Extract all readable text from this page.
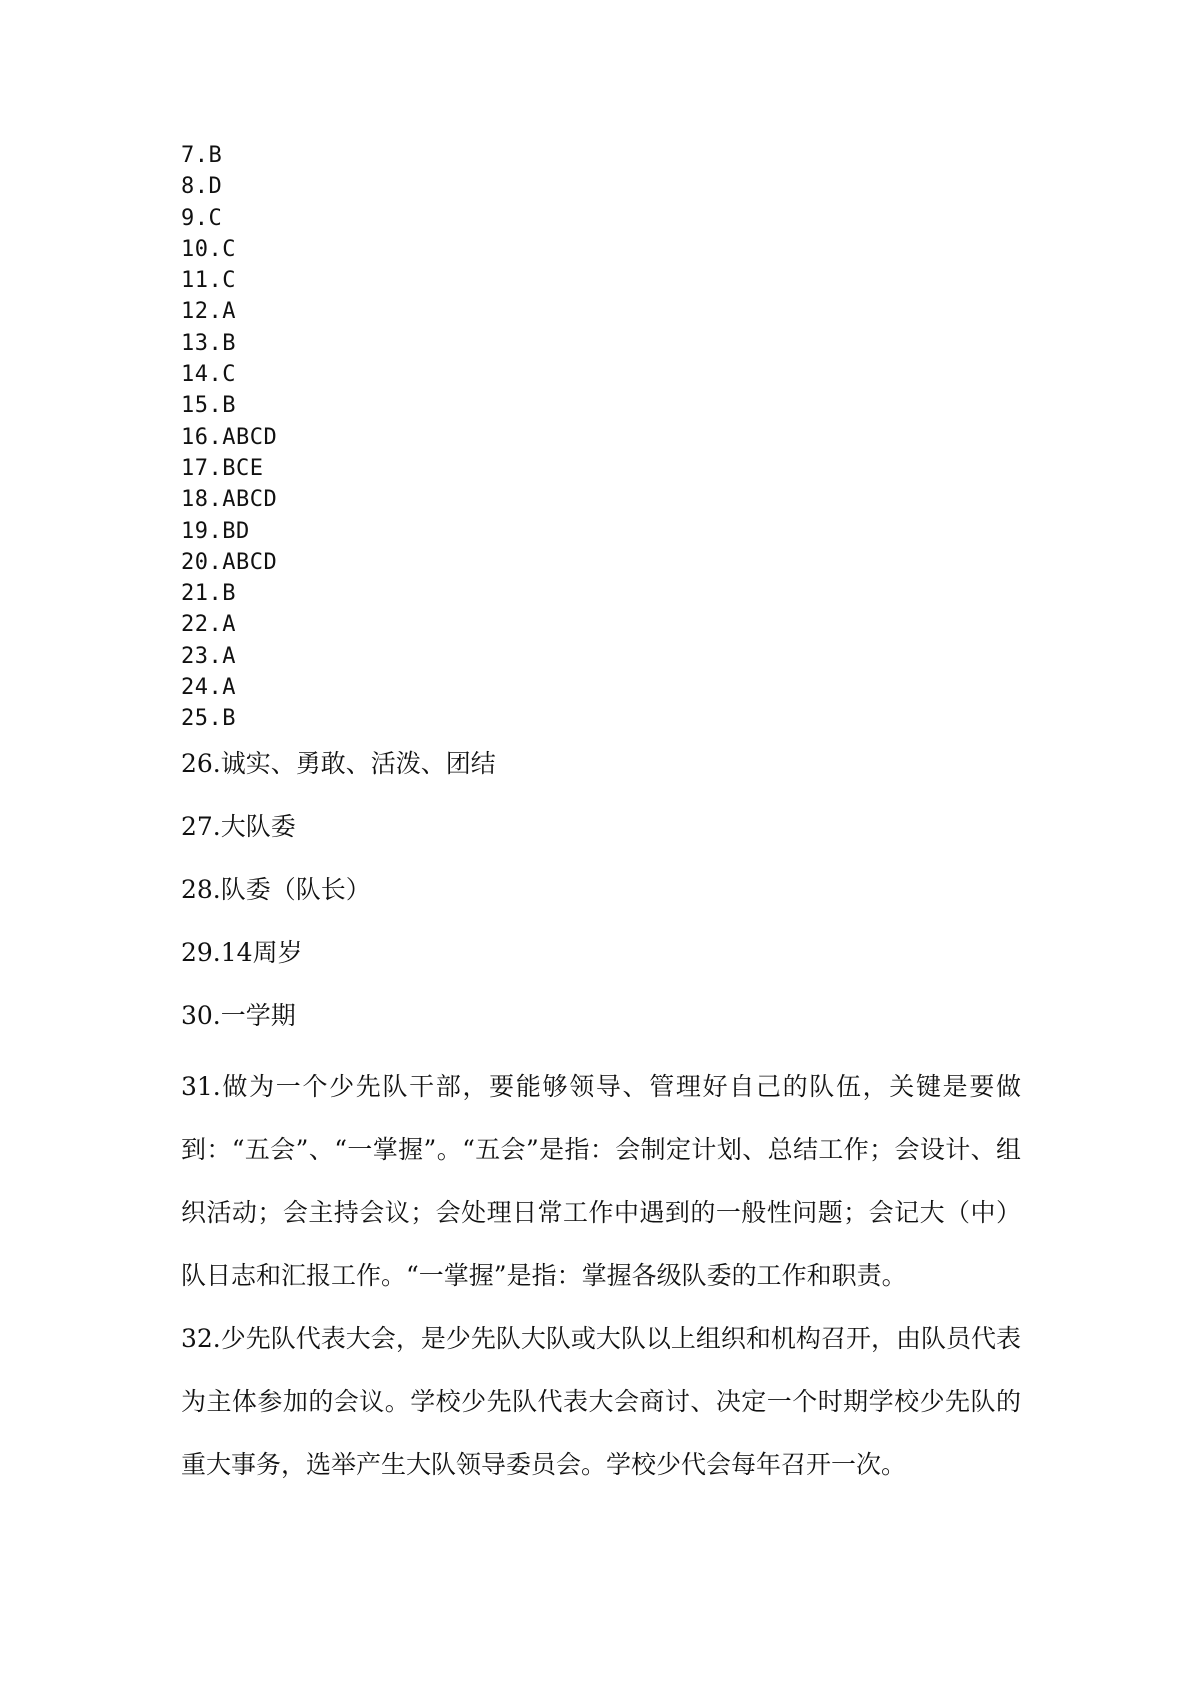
7.B
8.D
9.C
10.C
11.C
12.A
13.B
14.C
15.B
16.ABCD
17.BCE
18.ABCD
19.BD
20.ABCD
21.B
22.A
23.A
24.A
25.B
26.诚实、勇敢、活泼、团结
27.大队委
28.队委（队长）
29.14周岁
30.一学期

31.做为一个少先队干部，要能够领导、管理好自己的队伍，关键是要做到：“五会”、“一掌握”。“五会”是指：会制定计划、总结工作；会设计、组织活动；会主持会议；会处理日常工作中遇到的一般性问题；会记大（中）队日志和汇报工作。“一掌握”是指：掌握各级队委的工作和职责。

32.少先队代表大会，是少先队大队或大队以上组织和机构召开，由队员代表为主体参加的会议。学校少先队代表大会商讨、决定一个时期学校少先队的重大事务，选举产生大队领导委员会。学校少代会每年召开一次。
